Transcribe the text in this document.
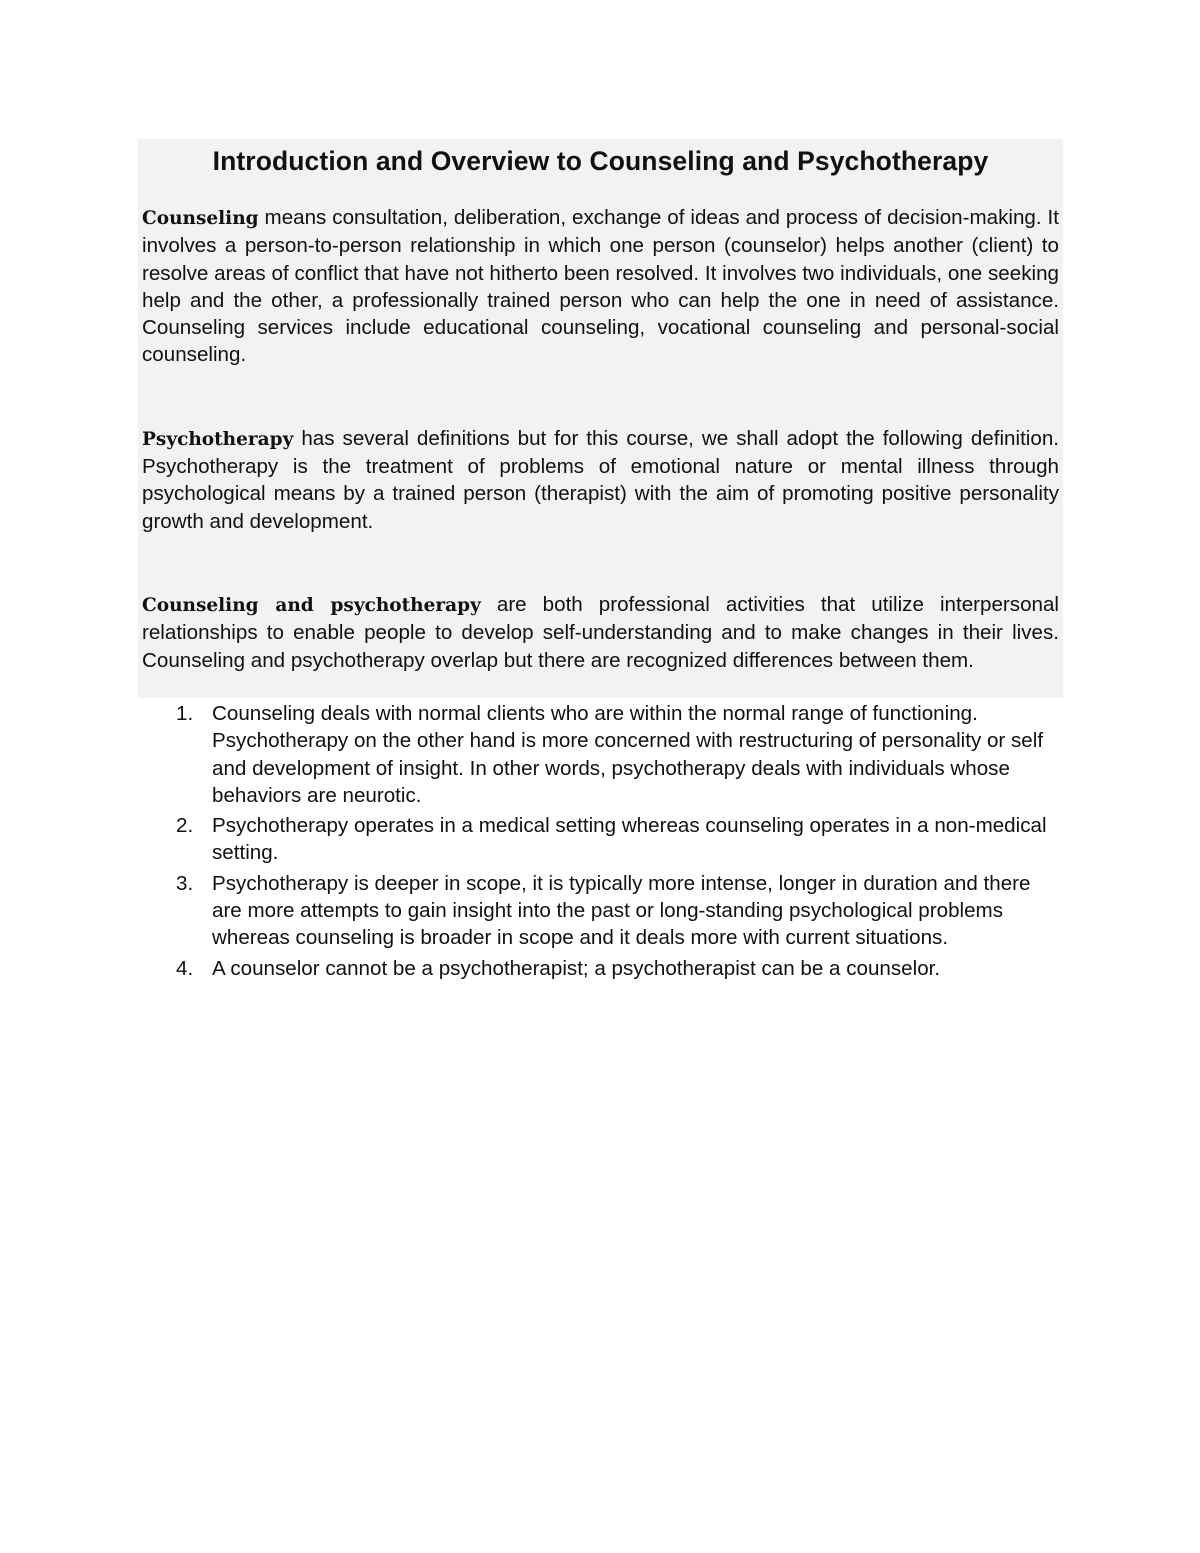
Introduction and Overview to Counseling and Psychotherapy

Counseling means consultation, deliberation, exchange of ideas and process of decision-making. It involves a person-to-person relationship in which one person (counselor) helps another (client) to resolve areas of conflict that have not hitherto been resolved. It involves two individuals, one seeking help and the other, a professionally trained person who can help the one in need of assistance. Counseling services include educational counseling, vocational counseling and personal-social counseling.

Psychotherapy has several definitions but for this course, we shall adopt the following definition. Psychotherapy is the treatment of problems of emotional nature or mental illness through psychological means by a trained person (therapist) with the aim of promoting positive personality growth and development.

Counseling and psychotherapy are both professional activities that utilize interpersonal relationships to enable people to develop self-understanding and to make changes in their lives. Counseling and psychotherapy overlap but there are recognized differences between them.

1. Counseling deals with normal clients who are within the normal range of functioning. Psychotherapy on the other hand is more concerned with restructuring of personality or self and development of insight. In other words, psychotherapy deals with individuals whose behaviors are neurotic.
2. Psychotherapy operates in a medical setting whereas counseling operates in a non-medical setting.
3. Psychotherapy is deeper in scope, it is typically more intense, longer in duration and there are more attempts to gain insight into the past or long-standing psychological problems whereas counseling is broader in scope and it deals more with current situations.
4. A counselor cannot be a psychotherapist; a psychotherapist can be a counselor.
